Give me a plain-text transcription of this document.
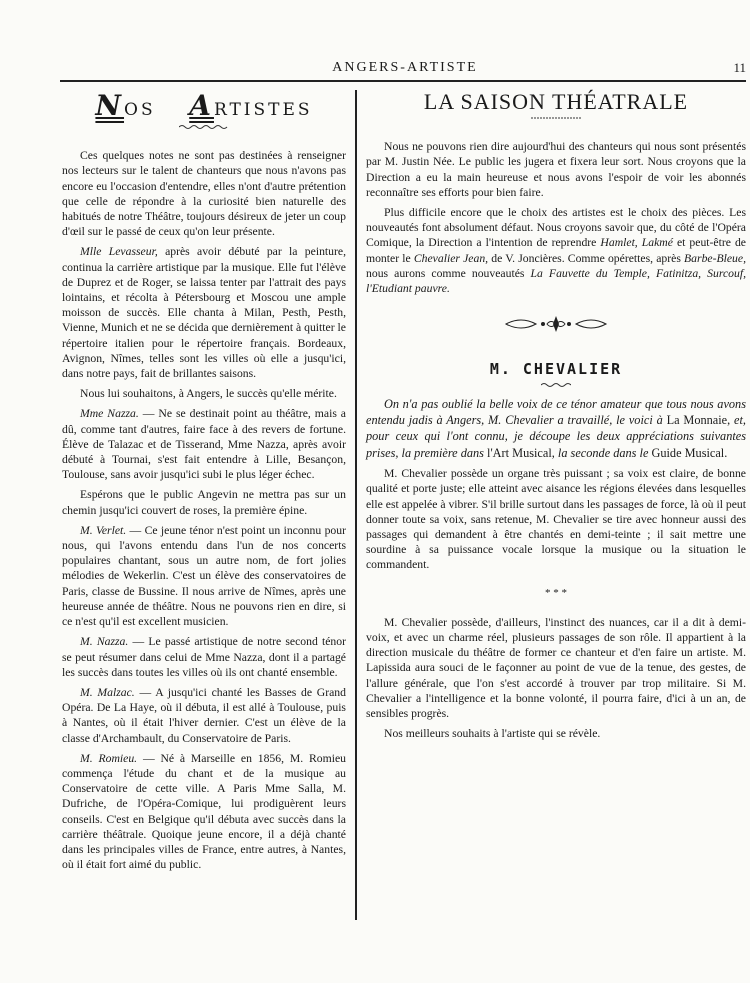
ANGERS-ARTISTE	11
NOS ARTISTES

Ces quelques notes ne sont pas destinées à renseigner nos lecteurs sur le talent de chanteurs que nous n'avons pas encore eu l'occasion d'entendre, elles n'ont d'autre prétention que celle de répondre à la curiosité bien naturelle des habitués de notre Théâtre, toujours désireux de jeter un coup d'œil sur le passé de ceux qu'on leur présente.

Mlle Levasseur, après avoir débuté par la peinture, continua la carrière artistique par la musique. Elle fut l'élève de Duprez et de Roger, se laissa tenter par l'attrait des pays lointains, et récolta à Pétersbourg et Moscou une ample moisson de succès. Elle chanta à Milan, Pesth, Pesth, Vienne, Munich et ne se décida que dernièrement à quitter le répertoire italien pour le répertoire français. Bordeaux, Avignon, Nîmes, telles sont les villes où elle a jusqu'ici, dans notre pays, fait de brillantes saisons.

Nous lui souhaitons, à Angers, le succès qu'elle mérite.

Mme Nazza. — Ne se destinait point au théâtre, mais a dû, comme tant d'autres, faire face à des revers de fortune. Élève de Talazac et de Tisserand, Mme Nazza, après avoir débuté à Tournai, s'est fait entendre à Lille, Besançon, Toulouse, sans avoir jusqu'ici subi le plus léger échec.

Espérons que le public Angevin ne mettra pas sur un chemin jusqu'ici couvert de roses, la première épine.

M. Verlet. — Ce jeune ténor n'est point un inconnu pour nous, qui l'avons entendu dans l'un de nos concerts populaires chantant, sous un autre nom, de fort jolies mélodies de Wekerlin. C'est un élève des conservatoires de Paris, classe de Bussine. Il nous arrive de Nîmes, après une heureuse année de théâtre. Nous ne pouvons rien en dire, si ce n'est qu'il est excellent musicien.

M. Nazza. — Le passé artistique de notre second ténor se peut résumer dans celui de Mme Nazza, dont il a partagé les succès dans toutes les villes où ils ont chanté ensemble.

M. Malzac. — A jusqu'ici chanté les Basses de Grand Opéra. De La Haye, où il débuta, il est allé à Toulouse, puis à Nantes, où il était l'hiver dernier. C'est un élève de la classe d'Archambault, du Conservatoire de Paris.

M. Romieu. — Né à Marseille en 1856, M. Romieu commença l'étude du chant et de la musique au Conservatoire de cette ville. A Paris Mme Salla, M. Dufriche, de l'Opéra-Comique, lui prodiguèrent leurs conseils. C'est en Belgique qu'il débuta avec succès dans la carrière théâtrale. Quoique jeune encore, il a déjà chanté dans les principales villes de France, entre autres, à Nantes, où il était fort aimé du public.

LA SAISON THÉATRALE

Nous ne pouvons rien dire aujourd'hui des chanteurs qui nous sont présentés par M. Justin Née. Le public les jugera et fixera leur sort. Nous croyons que la Direction a eu la main heureuse et nous avons l'espoir de voir les abonnés reconnaître ses efforts pour bien faire.

Plus difficile encore que le choix des artistes est le choix des pièces. Les nouveautés font absolument défaut. Nous croyons savoir que, du côté de l'Opéra Comique, la Direction a l'intention de reprendre Hamlet, Lakmé et peut-être de monter le Chevalier Jean, de V. Joncières. Comme opérettes, après Barbe-Bleue, nous aurons comme nouveautés La Fauvette du Temple, Fatinitza, Surcouf, l'Etudiant pauvre.

M. CHEVALIER

On n'a pas oublié la belle voix de ce ténor amateur que tous nous avons entendu jadis à Angers, M. Chevalier a travaillé, le voici à La Monnaie, et, pour ceux qui l'ont connu, je découpe les deux appréciations suivantes prises, la première dans l'Art Musical, la seconde dans le Guide Musical.

M. Chevalier possède un organe très puissant ; sa voix est claire, de bonne qualité et porte juste; elle atteint avec aisance les régions élevées dans lesquelles elle est appelée à vibrer. S'il brille surtout dans les passages de force, là où il peut donner toute sa voix, sans retenue, M. Chevalier se tire avec honneur aussi des passages qui demandent à être chantés en demi-teinte ; il sait mettre une sourdine à sa puissance vocale lorsque la musique ou la situation le commandent.

* * *

M. Chevalier possède, d'ailleurs, l'instinct des nuances, car il a dit à demi-voix, et avec un charme réel, plusieurs passages de son rôle. Il appartient à la direction musicale du théâtre de former ce chanteur et d'en faire un artiste. M. Lapissida aura souci de le façonner au point de vue de la tenue, des gestes, de l'allure générale, que l'on s'est accordé à trouver par trop militaire. Si M. Chevalier a l'intelligence et la bonne volonté, il pourra faire, d'ici à un an, de sensibles progrès.

Nos meilleurs souhaits à l'artiste qui se révèle.
